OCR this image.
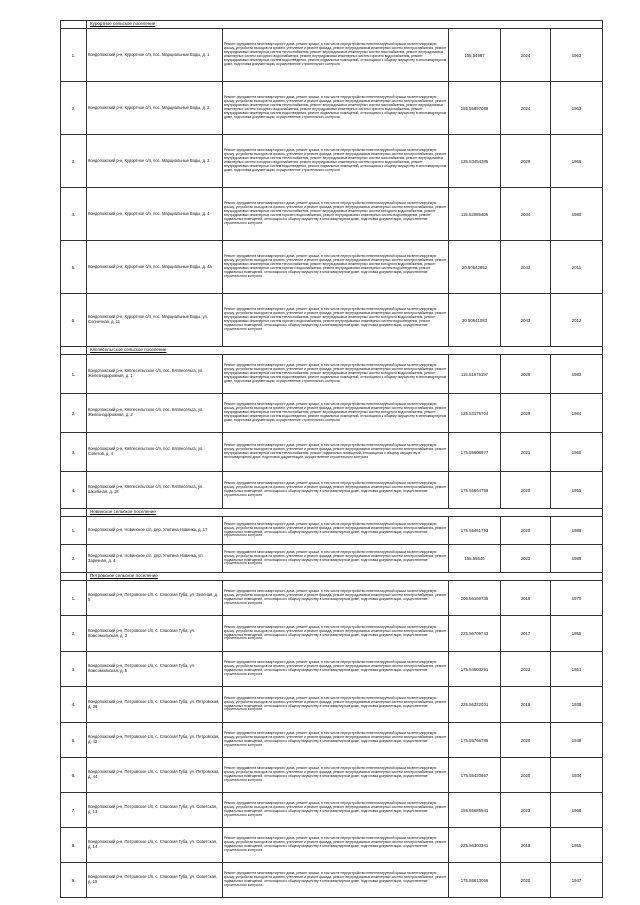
	Курортное сельское поселение				
1.	Кондопожский р-н, Курортное с/п, пос. Марциальные Воды, д. 1	Ремонт фундамента многоквартирного дома, ремонт крыши, в том числе переустройство невентилируемой крыши на вентилируемую крышу, устройство выходов на кровлю, утепление и ремонт фасада, ремонт внутридомовых инженерных систем электроснабжения, ремонт внутридомовых инженерных систем теплоснабжения, ремонт внутридомовых инженерных систем газоснабжения, ремонт внутридомовых инженерных систем холодного водоснабжения, ремонт внутридомовых инженерных систем горячего водоснабжения, ремонт внутридомовых инженерных систем водоотведения, ремонт подвальных помещений, относящихся к общему имуществу в многоквартирном доме, подготовка документации, осуществление строительного контроля	155.54987	2024	1963
2.	Кондопожский р-н, Курортное с/п, пос. Марциальные Воды, д. 2	Ремонт фундамента многоквартирного дома, ремонт крыши, в том числе переустройство невентилируемой крыши на вентилируемую крышу, устройство выходов на кровлю, утепление и ремонт фасада, ремонт внутридомовых инженерных систем электроснабжения, ремонт внутридомовых инженерных систем теплоснабжения, ремонт внутридомовых инженерных систем газоснабжения, ремонт внутридомовых инженерных систем холодного водоснабжения, ремонт внутридомовых инженерных систем горячего водоснабжения, ремонт внутридомовых инженерных систем водоотведения, ремонт подвальных помещений, относящихся к общему имуществу в многоквартирном доме, подготовка документации, осуществление строительного контроля	155.55897089	2024	1963
3.	Кондопожский р-н, Курортное с/п, пос. Марциальные Воды, д. 3	Ремонт фундамента многоквартирного дома, ремонт крыши, в том числе переустройство невентилируемой крыши на вентилируемую крышу, устройство выходов на кровлю, утепление и ремонт фасада, ремонт внутридомовых инженерных систем электроснабжения, ремонт внутридомовых инженерных систем теплоснабжения, ремонт внутридомовых инженерных систем газоснабжения, ремонт внутридомовых инженерных систем холодного водоснабжения, ремонт внутридомовых инженерных систем горячего водоснабжения, ремонт внутридомовых инженерных систем водоотведения, ремонт подвальных помещений, относящихся к общему имуществу в многоквартирном доме, подготовка документации, осуществление строительного контроля	135.53454385	2029	1966
4.	Кондопожский р-н, Курортное с/п, пос. Марциальные Воды, д. 4	Ремонт фундамента многоквартирного дома, ремонт крыши, в том числе переустройство невентилируемой крыши на вентилируемую крышу, устройство выходов на кровлю, утепление и ремонт фасада, ремонт внутридомовых инженерных систем электроснабжения, ремонт внутридомовых инженерных систем теплоснабжения, ремонт внутридомовых инженерных систем холодного водоснабжения, ремонт внутридомовых инженерных систем горячего водоснабжения, ремонт внутридомовых инженерных систем водоотведения, ремонт подвальных помещений, относящихся к общему имуществу в многоквартирном доме, подготовка документации, осуществление строительного контроля	115.52085405	2034	1980
5.	Кондопожский р-н, Курортное с/п, пос. Марциальные Воды, д. 4а	Ремонт фундамента многоквартирного дома, ремонт крыши, в том числе переустройство невентилируемой крыши на вентилируемую крышу, устройство выходов на кровлю, утепление и ремонт фасада, ремонт внутридомовых инженерных систем электроснабжения, ремонт внутридомовых инженерных систем теплоснабжения, ремонт внутридомовых инженерных систем холодного водоснабжения, ремонт внутридомовых инженерных систем горячего водоснабжения, ремонт внутридомовых инженерных систем водоотведения, ремонт подвальных помещений, относящихся к общему имуществу в многоквартирном доме, подготовка документации, осуществление строительного контроля	20.50642852	2043	2011
6.	Кондопожский р-н, Курортное с/п, пос. Марциальные Воды, ул. Солнечная, д. 11	Ремонт фундамента многоквартирного дома, ремонт крыши, в том числе переустройство невентилируемой крыши на вентилируемую крышу, устройство выходов на кровлю, утепление и ремонт фасада, ремонт внутридомовых инженерных систем электроснабжения, ремонт внутридомовых инженерных систем теплоснабжения, ремонт внутридомовых инженерных систем холодного водоснабжения, ремонт внутридомовых инженерных систем горячего водоснабжения, ремонт внутридомовых инженерных систем водоотведения, ремонт подвальных помещений, относящихся к общему имуществу в многоквартирном доме, подготовка документации, осуществление строительного контроля	20.50641083	2043	2012
	Кяппесельгское сельское поселение				
1.	Кондопожский р-н, Кяппесельгское с/п, пос. Кяппесельга, ул. Железнодорожная, д. 1	Ремонт фундамента многоквартирного дома, ремонт крыши, в том числе переустройство невентилируемой крыши на вентилируемую крышу, устройство выходов на кровлю, утепление и ремонт фасада, ремонт внутридомовых инженерных систем электроснабжения, ремонт внутридомовых инженерных систем теплоснабжения, ремонт внутридомовых инженерных систем холодного водоснабжения, ремонт внутридомовых инженерных систем водоотведения, ремонт подвальных помещений, относящихся к общему имуществу в многоквартирном доме, подготовка документации, осуществление строительного контроля	115.51675197	2029	1983
2.	Кондопожский р-н, Кяппесельгское с/п, пос. Кяппесельга, ул. Железнодорожная, д. 2	Ремонт фундамента многоквартирного дома, ремонт крыши, в том числе переустройство невентилируемой крыши на вентилируемую крышу, устройство выходов на кровлю, утепление и ремонт фасада, ремонт внутридомовых инженерных систем электроснабжения, ремонт внутридомовых инженерных систем теплоснабжения, ремонт внутридомовых инженерных систем холодного водоснабжения, ремонт внутридомовых инженерных систем водоотведения, ремонт подвальных помещений, относящихся к общему имуществу в многоквартирном доме, подготовка документации, осуществление строительного контроля	135.53175704	2029	1984
3.	Кондопожский р-н, Кяппесельгское с/п, пос. Кяппесельга, ул. Советов, д. 4	Ремонт фундамента многоквартирного дома, ремонт крыши, в том числе переустройство невентилируемой крыши на вентилируемую крышу, устройство выходов на кровлю, утепление и ремонт фасада, ремонт внутридомовых инженерных систем электроснабжения, ремонт внутридомовых инженерных систем теплоснабжения, ремонт подвальных помещений, относящихся к общему имуществу в многоквартирном доме, подготовка документации, осуществление строительного контроля	175.55608977	2021	1960
4.	Кондопожский р-н, Кяппесельгское с/п, пос. Кяппесельга, ул. Школьная, д. 18	Ремонт фундамента многоквартирного дома, ремонт крыши, в том числе переустройство невентилируемой крыши на вентилируемую крышу, устройство выходов на кровлю, утепление и ремонт фасада, ремонт внутридомовых инженерных систем электроснабжения, ремонт подвальных помещений, относящихся к общему имуществу в многоквартирном доме, подготовка документации, осуществление строительного контроля	175.55664759	2020	1955
	Новинское сельское поселение				
1.	Кондопожский р-н, Новинское с/п, дер. Улитина Новинка, д. 17	Ремонт фундамента многоквартирного дома, ремонт крыши, в том числе переустройство невентилируемой крыши на вентилируемую крышу, устройство выходов на кровлю, утепление и ремонт фасада, ремонт внутридомовых инженерных систем электроснабжения, ремонт подвальных помещений, относящихся к общему имуществу в многоквартирном доме, подготовка документации, осуществление строительного контроля	175.55461753	2020	1986
2.	Кондопожский р-н, Новинское с/п, дер. Улитина Новинка, ул. Заречная, д. 4	Ремонт фундамента многоквартирного дома, ремонт крыши, в том числе переустройство невентилируемой крыши на вентилируемую крышу, устройство выходов на кровлю, утепление и ремонт фасада, ремонт внутридомовых инженерных систем электроснабжения, ремонт подвальных помещений, относящихся к общему имуществу в многоквартирном доме, подготовка документации, осуществление строительного контроля	155.55646	2023	1989
	Петровское сельское поселение				
1.	Кондопожский р-н, Петровское с/п, с. Спасская Губа, ул. Зеленая, д. 5	Ремонт фундамента многоквартирного дома, ремонт крыши, в том числе переустройство невентилируемой крыши на вентилируемую крышу, устройство выходов на кровлю, утепление и ремонт фасада, ремонт внутридомовых инженерных систем электроснабжения, ремонт подвальных помещений, относящихся к общему имуществу в многоквартирном доме, подготовка документации, осуществление строительного контроля	205.56169735	2019	1970
2.	Кондопожский р-н, Петровское с/п, с. Спасская Губа, ул. Комсомольская, д. 3	Ремонт фундамента многоквартирного дома, ремонт крыши, в том числе переустройство невентилируемой крыши на вентилируемую крышу, устройство выходов на кровлю, утепление и ремонт фасада, ремонт внутридомовых инженерных систем электроснабжения, ремонт подвальных помещений, относящихся к общему имуществу в многоквартирном доме, подготовка документации, осуществление строительного контроля	225.56709743	2017	1955
3.	Кондопожский р-н, Петровское с/п, с. Спасская Губа, ул. Комсомольская, д. 5	Ремонт фундамента многоквартирного дома, ремонт крыши, в том числе переустройство невентилируемой крыши на вентилируемую крышу, устройство выходов на кровлю, утепление и ремонт фасада, ремонт внутридомовых инженерных систем электроснабжения, ремонт подвальных помещений, относящихся к общему имуществу в многоквартирном доме, подготовка документации, осуществление строительного контроля	175.54503291	2022	1951
4.	Кондопожский р-н, Петровское с/п, с. Спасская Губа, ул. Петровская, д. 38	Ремонт фундамента многоквартирного дома, ремонт крыши, в том числе переустройство невентилируемой крыши на вентилируемую крышу, устройство выходов на кровлю, утепление и ремонт фасада, ремонт внутридомовых инженерных систем электроснабжения, ремонт подвальных помещений, относящихся к общему имуществу в многоквартирном доме, подготовка документации, осуществление строительного контроля	225.56322031	2018	1938
5.	Кондопожский р-н, Петровское с/п, с. Спасская Губа, ул. Петровская, д. 42	Ремонт фундамента многоквартирного дома, ремонт крыши, в том числе переустройство невентилируемой крыши на вентилируемую крышу, устройство выходов на кровлю, утепление и ремонт фасада, ремонт внутридомовых инженерных систем электроснабжения, ремонт подвальных помещений, относящихся к общему имуществу в многоквартирном доме, подготовка документации, осуществление строительного контроля	175.55766785	2020	1948
6.	Кондопожский р-н, Петровское с/п, с. Спасская Губа, ул. Петровская, д. 44	Ремонт фундамента многоквартирного дома, ремонт крыши, в том числе переустройство невентилируемой крыши на вентилируемую крышу, устройство выходов на кровлю, утепление и ремонт фасада, ремонт внутридомовых инженерных систем электроснабжения, ремонт подвальных помещений, относящихся к общему имуществу в многоквартирном доме, подготовка документации, осуществление строительного контроля	175.55420657	2020	1934
7.	Кондопожский р-н, Петровское с/п, с. Спасская Губа, ул. Советская, д. 13	Ремонт фундамента многоквартирного дома, ремонт крыши, в том числе переустройство невентилируемой крыши на вентилируемую крышу, устройство выходов на кровлю, утепление и ремонт фасада, ремонт внутридомовых инженерных систем электроснабжения, ремонт подвальных помещений, относящихся к общему имуществу в многоквартирном доме, подготовка документации, осуществление строительного контроля	155.55685541	2023	1968
8.	Кондопожский р-н, Петровское с/п, с. Спасская Губа, ул. Советская, д. 14	Ремонт фундамента многоквартирного дома, ремонт крыши, в том числе переустройство невентилируемой крыши на вентилируемую крышу, устройство выходов на кровлю, утепление и ремонт фасада, ремонт внутридомовых инженерных систем электроснабжения, ремонт подвальных помещений, относящихся к общему имуществу в многоквартирном доме, подготовка документации, осуществление строительного контроля	225.56303341	2018	1955
9.	Кондопожский р-н, Петровское с/п, с. Спасская Губа, ул. Советская, д. 15	Ремонт фундамента многоквартирного дома, ремонт крыши, в том числе переустройство невентилируемой крыши на вентилируемую крышу, устройство выходов на кровлю, утепление и ремонт фасада, ремонт внутридомовых инженерных систем электроснабжения, ремонт подвальных помещений, относящихся к общему имуществу в многоквартирном доме, подготовка документации, осуществление строительного контроля	175.55613066	2020	1947
